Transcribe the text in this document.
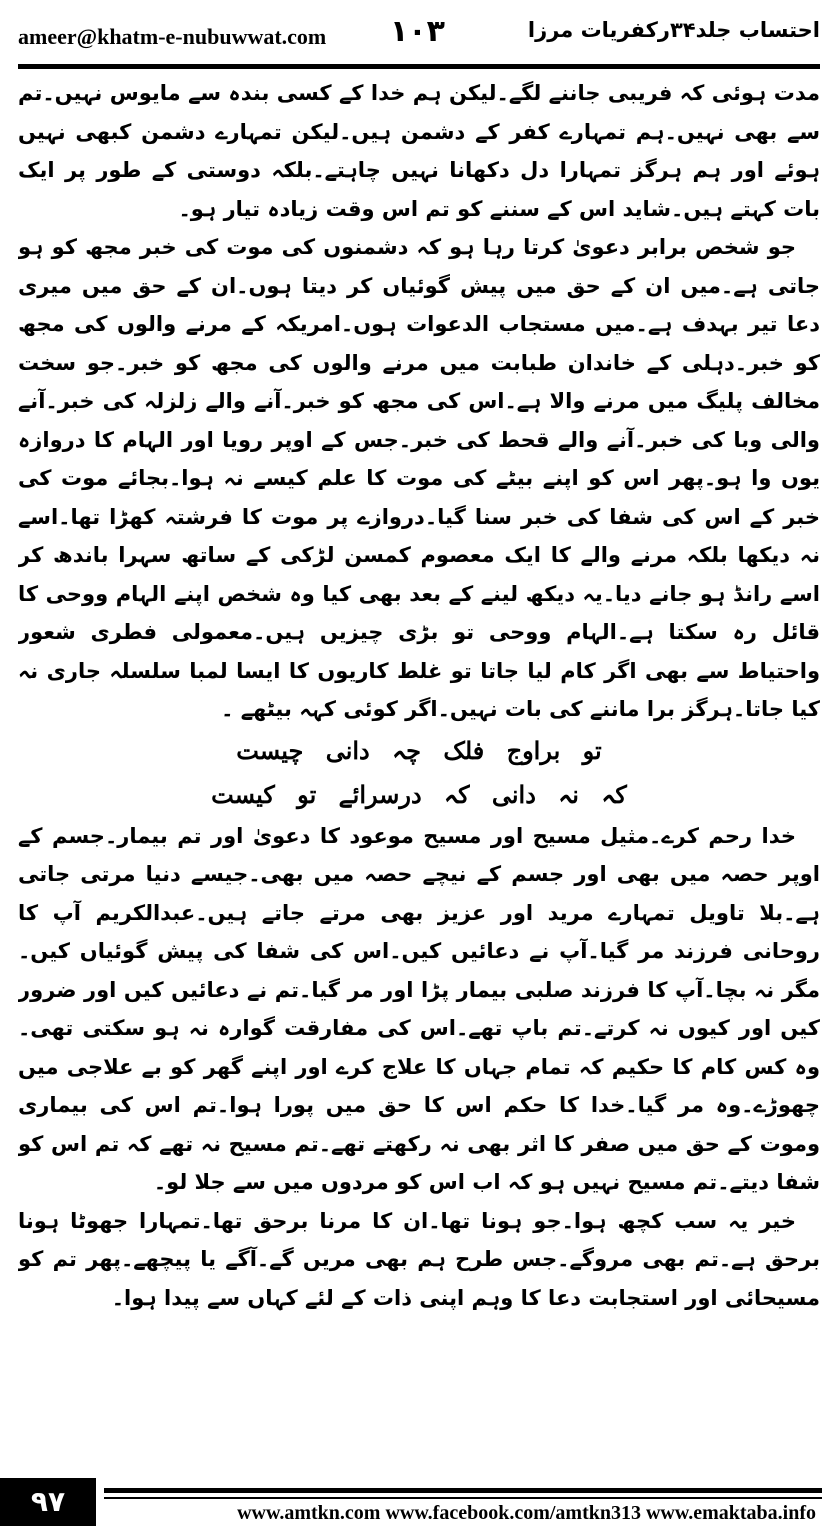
ameer@khatm-e-nubuwwat.com ۱۰۳	احتساب جلد۳۴رکفریات مرزا

مدت ہوئی کہ فریبی جاننے لگے۔لیکن ہم خدا کے کسی بندہ سے مایوس نہیں۔تم سے بھی نہیں۔ہم تمہارے کفر کے دشمن ہیں۔لیکن تمہارے دشمن کبھی نہیں ہوئے اور ہم ہرگز تمہارا دل دکھانا نہیں چاہتے۔بلکہ دوستی کے طور پر ایک بات کہتے ہیں۔شاید اس کے سننے کو تم اس وقت زیادہ تیار ہو۔

جو شخص برابر دعویٰ کرتا رہا ہو کہ دشمنوں کی موت کی خبر مجھ کو ہو جاتی ہے۔میں ان کے حق میں پیش گوئیاں کر دیتا ہوں۔ان کے حق میں میری دعا تیر بہدف ہے۔میں مستجاب الدعوات ہوں۔امریکہ کے مرنے والوں کی مجھ کو خبر۔دہلی کے خاندان طبابت میں مرنے والوں کی مجھ کو خبر۔جو سخت مخالف پلیگ میں مرنے والا ہے۔اس کی مجھ کو خبر۔آنے والے زلزلہ کی خبر۔آنے والی وبا کی خبر۔آنے والے قحط کی خبر۔جس کے اوپر رویا اور الہام کا دروازہ یوں وا ہو۔پھر اس کو اپنے بیٹے کی موت کا علم کیسے نہ ہوا۔بجائے موت کی خبر کے اس کی شفا کی خبر سنا گیا۔دروازے پر موت کا فرشتہ کھڑا تھا۔اسے نہ دیکھا بلکہ مرنے والے کا ایک معصوم کمسن لڑکی کے ساتھ سہرا باندھ کر اسے رانڈ ہو جانے دیا۔یہ دیکھ لینے کے بعد بھی کیا وہ شخص اپنے الہام ووحی کا قائل رہ سکتا ہے۔الہام ووحی تو بڑی چیزیں ہیں۔معمولی فطری شعور واحتیاط سے بھی اگر کام لیا جاتا تو غلط کاریوں کا ایسا لمبا سلسلہ جاری نہ کیا جاتا۔ہرگز برا ماننے کی بات نہیں۔اگر کوئی کہہ بیٹھے ۔

تو براوج فلک چہ دانی چیست
کہ نہ دانی کہ درسرائے تو کیست

خدا رحم کرے۔مثیل مسیح اور مسیح موعود کا دعویٰ اور تم بیمار۔جسم کے اوپر حصہ میں بھی اور جسم کے نیچے حصہ میں بھی۔جیسے دنیا مرتی جاتی ہے۔بلا تاویل تمہارے مرید اور عزیز بھی مرتے جاتے ہیں۔عبدالکریم آپ کا روحانی فرزند مر گیا۔آپ نے دعائیں کیں۔اس کی شفا کی پیش گوئیاں کیں۔مگر نہ بچا۔آپ کا فرزند صلبی بیمار پڑا اور مر گیا۔تم نے دعائیں کیں اور ضرور کیں اور کیوں نہ کرتے۔تم باپ تھے۔اس کی مفارقت گوارہ نہ ہو سکتی تھی۔وہ کس کام کا حکیم کہ تمام جہاں کا علاج کرے اور اپنے گھر کو بے علاجی میں چھوڑے۔وہ مر گیا۔خدا کا حکم اس کا حق میں پورا ہوا۔تم اس کی بیماری وموت کے حق میں صفر کا اثر بھی نہ رکھتے تھے۔تم مسیح نہ تھے کہ تم اس کو شفا دیتے۔تم مسیح نہیں ہو کہ اب اس کو مردوں میں سے جلا لو۔

خیر یہ سب کچھ ہوا۔جو ہونا تھا۔ان کا مرنا برحق تھا۔تمہارا جھوٹا ہونا برحق ہے۔تم بھی مروگے۔جس طرح ہم بھی مریں گے۔آگے یا پیچھے۔پھر تم کو مسیحائی اور استجابت دعا کا وہم اپنی ذات کے لئے کہاں سے پیدا ہوا۔

۹۷	www.amtkn.com www.facebook.com/amtkn313 www.emaktaba.info
